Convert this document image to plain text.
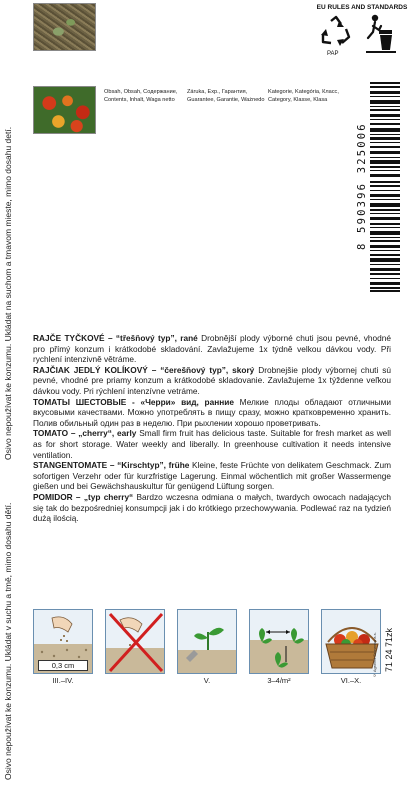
Osivo nepoužívat ke konzumu. Ukládat na suchom a tmavom mieste, mimo dosahu detí.
Osivo nepoužívat ke konzumu. Ukládat v suchu a tmě, mimo dosahu dětí.
Obsah, Obsah, Содержание,
Contents, Inhalt, Waga netto
Záruka, Exp., Гарантия,
Guarantee, Garantie, Ważnedo
Kategorie, Kategória, Класс,
Category, Klasse, Klasa
EU RULES AND STANDARDS
PAP
8 590396 325006

RAJČE TYČKOVÉ – “třešňový typ”, rané Drobnější plody výborné chuti jsou pevné, vhodné pro přímý konzum i krátkodobé skladování. Zavlažujeme 1x týdně velkou dávkou vody. Při rychlení intenzivně větráme.

RAJČIAK JEDLÝ KOLÍKOVÝ – “čerešňový typ”, skorý Drobnejšie plody výbornej chuti sú pevné, vhodné pre priamy konzum a krátkodobé skladovanie. Zavlažujeme 1x týždenne veľkou dávkou vody. Pri rýchlení intenzívne vetráme.

ТОМАТЫ ШЕСТОВЫЕ - «Черри» вид, ранние Мелкие плоды обладают отличными вкусовыми качествами. Можно употреблять в пищу сразу, можно кратковременно хранить. Полив обильный один раз в неделю. При рыхлении хорошо проветривать.

TOMATO – „cherry“, early Small firm fruit has delicious taste. Suitable for fresh market as well as for short storage. Water weekly and liberally. In greenhouse cultivation it needs intensive ventilation.

STANGENTOMATE – “Kirschtyp”, frühe Kleine, feste Früchte von delikatem Geschmack. Zum sofortigen Verzehr oder für kurzfristige Lagerung. Einmal wöchentlich mit großer Wassermenge gießen und bei Gewächshauskultur für genügend Lüftung sorgen.

POMIDOR – „typ cherry“ Bardzo wczesna odmiana o małych, twardych owocach nadających się tak do bezpośredniej konsumpcji jak i do krótkiego przechowywania. Podlewać raz na tydzień dużą ilością.

0,3 cm
III.–IV.	V.	3–4/m²	VI.–X.
71 24 71zk
© Agrofert Semenka a.s.
